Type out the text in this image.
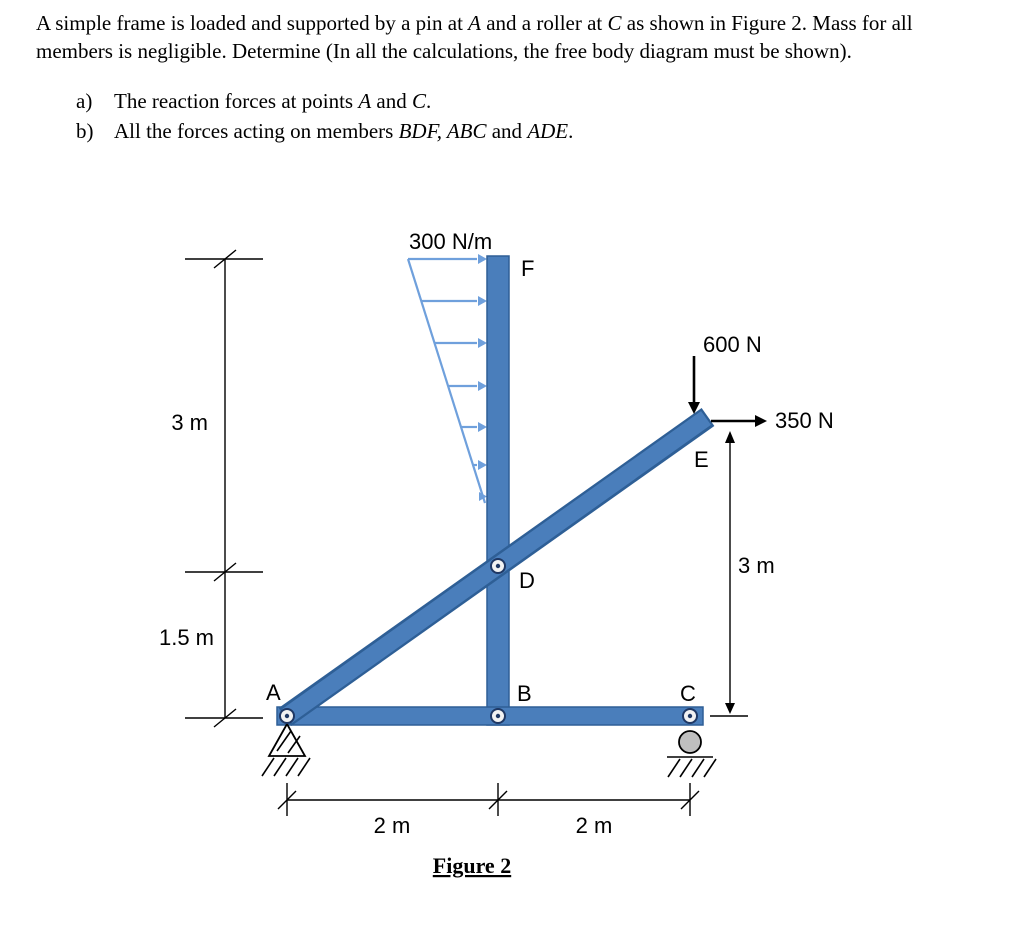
A simple frame is loaded and supported by a pin at A and a roller at C as shown in Figure 2. Mass for all members is negligible. Determine (In all the calculations, the free body diagram must be shown).

a) The reaction forces at points A and C.
b) All the forces acting on members BDF, ABC and ADE.
3 m
1.5 m
300 N/m
600 N
350 N
3 m
2 m	2 m
F
D
E
A	B	C
Figure 2
